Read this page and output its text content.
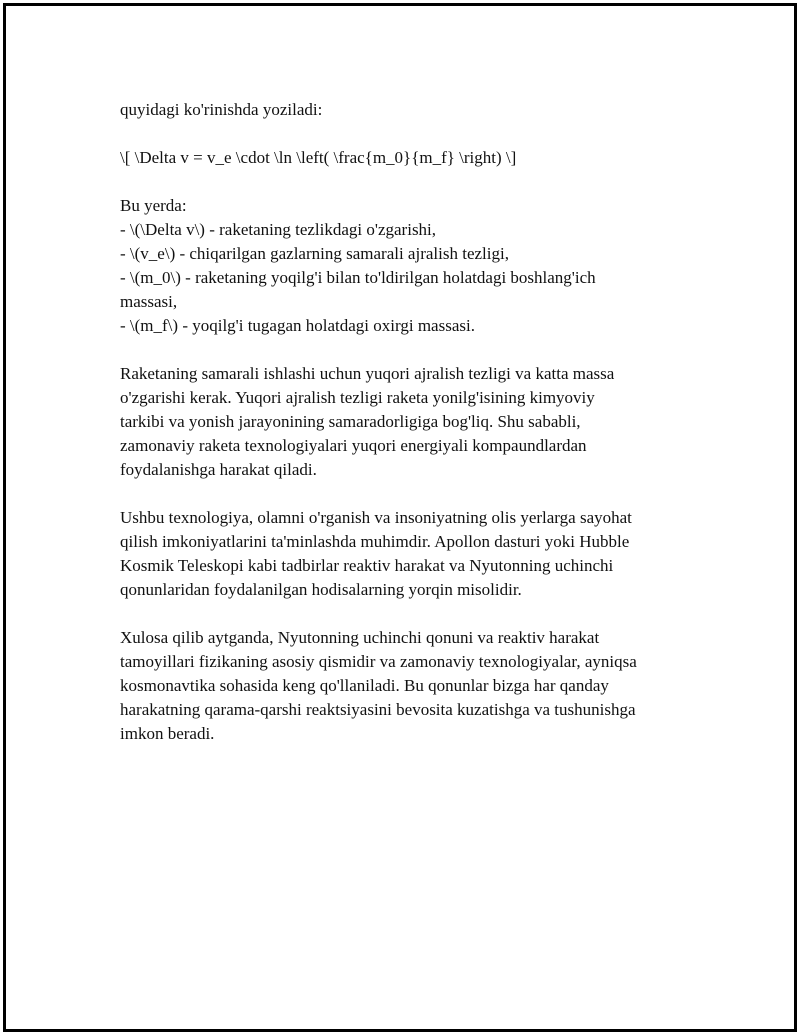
quyidagi ko'rinishda yoziladi:
\[ \Delta v = v_e \cdot \ln \left( \frac{m_0}{m_f} \right) \]
Bu yerda:
- \(\Delta v\) - raketaning tezlikdagi o'zgarishi,
- \(v_e\) - chiqarilgan gazlarning samarali ajralish tezligi,
- \(m_0\) - raketaning yoqilg'i bilan to'ldirilgan holatdagi boshlang'ich
massasi,
- \(m_f\) - yoqilg'i tugagan holatdagi oxirgi massasi.
Raketaning samarali ishlashi uchun yuqori ajralish tezligi va katta massa
o'zgarishi kerak. Yuqori ajralish tezligi raketa yonilg'isining kimyoviy
tarkibi va yonish jarayonining samaradorligiga bog'liq. Shu sababli,
zamonaviy raketa texnologiyalari yuqori energiyali kompaundlardan
foydalanishga harakat qiladi.
Ushbu texnologiya, olamni o'rganish va insoniyatning olis yerlarga sayohat
qilish imkoniyatlarini ta'minlashda muhimdir. Apollon dasturi yoki Hubble
Kosmik Teleskopi kabi tadbirlar reaktiv harakat va Nyutonning uchinchi
qonunlaridan foydalanilgan hodisalarning yorqin misolidir.
Xulosa qilib aytganda, Nyutonning uchinchi qonuni va reaktiv harakat
tamoyillari fizikaning asosiy qismidir va zamonaviy texnologiyalar, ayniqsa
kosmonavtika sohasida keng qo'llaniladi. Bu qonunlar bizga har qanday
harakatning qarama-qarshi reaktsiyasini bevosita kuzatishga va tushunishga
imkon beradi.
